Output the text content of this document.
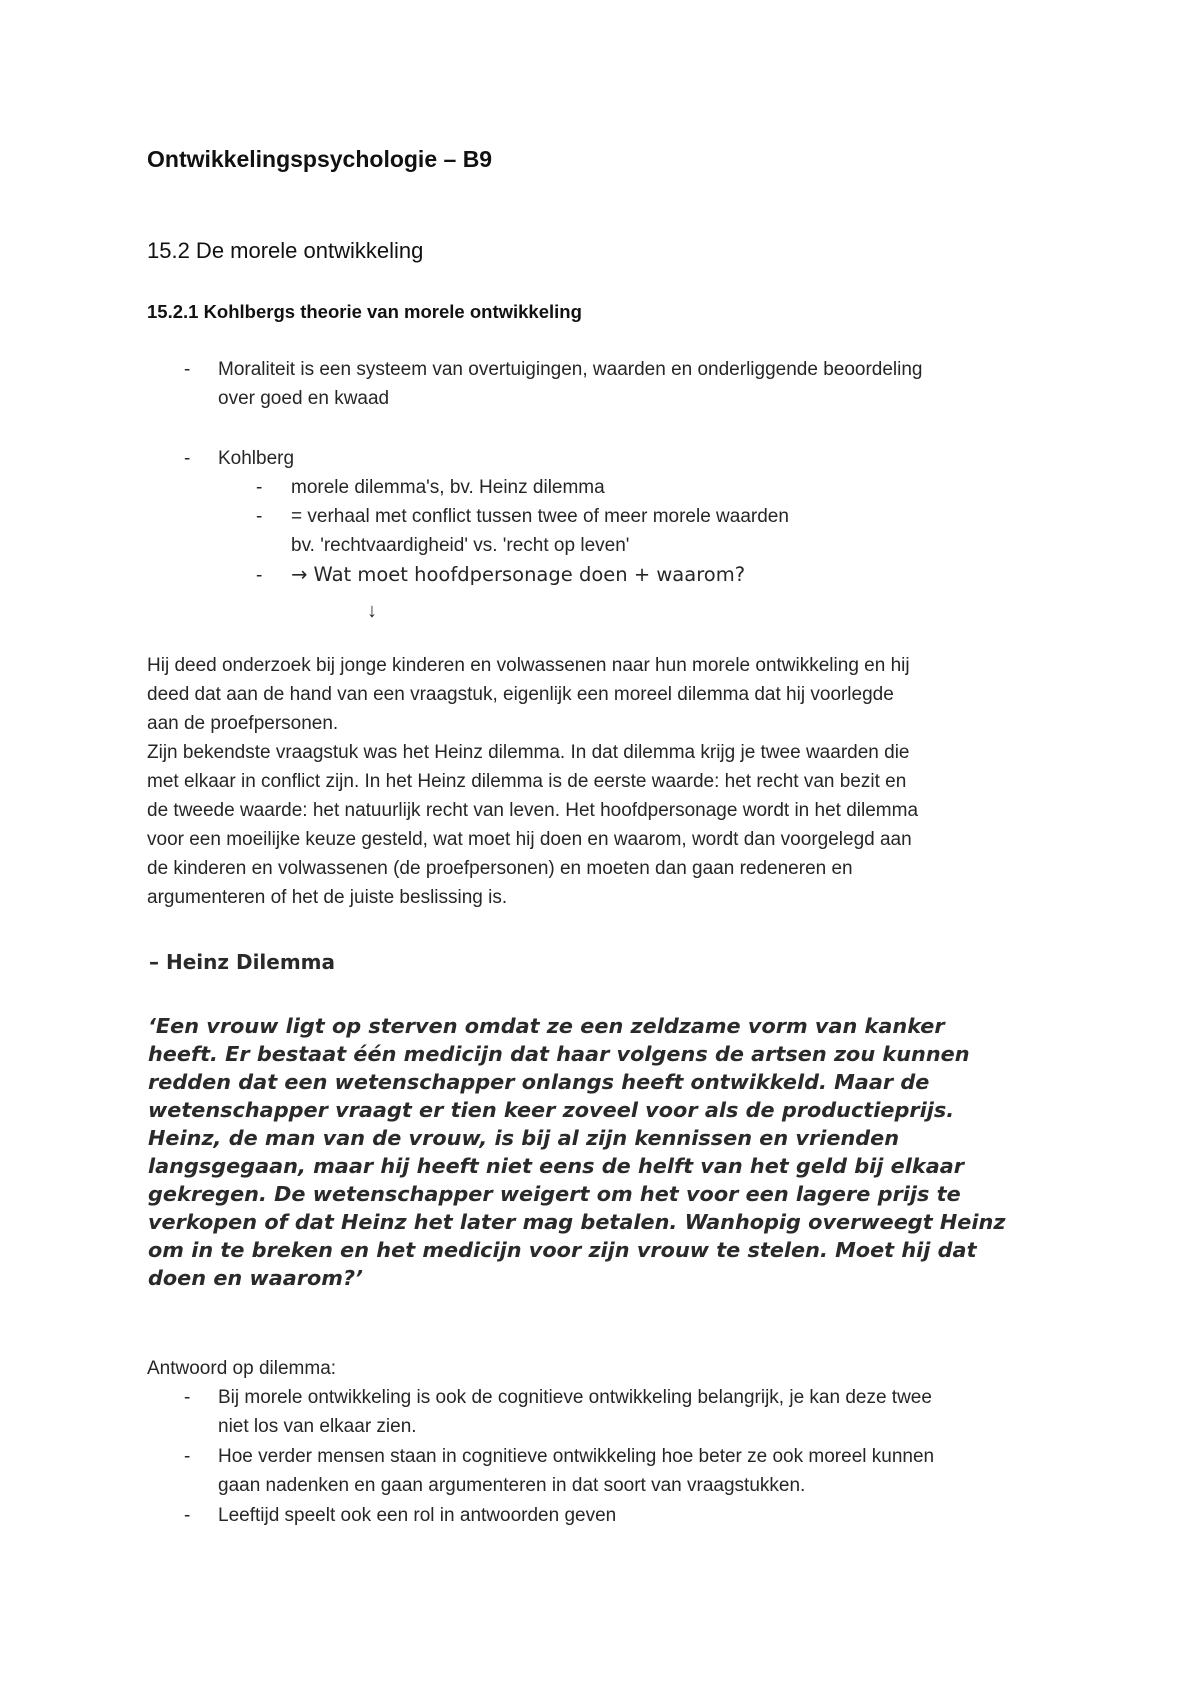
Ontwikkelingspsychologie – B9
15.2 De morele ontwikkeling
15.2.1 Kohlbergs theorie van morele ontwikkeling
- Moraliteit is een systeem van overtuigingen, waarden en onderliggende beoordeling
over goed en kwaad
- Kohlberg
- morele dilemma's, bv. Heinz dilemma
- = verhaal met conflict tussen twee of meer morele waarden
bv. 'rechtvaardigheid' vs. 'recht op leven'
- → Wat moet hoofdpersonage doen + waarom?
↓
Hij deed onderzoek bij jonge kinderen en volwassenen naar hun morele ontwikkeling en hij
deed dat aan de hand van een vraagstuk, eigenlijk een moreel dilemma dat hij voorlegde
aan de proefpersonen.
Zijn bekendste vraagstuk was het Heinz dilemma. In dat dilemma krijg je twee waarden die
met elkaar in conflict zijn. In het Heinz dilemma is de eerste waarde: het recht van bezit en
de tweede waarde: het natuurlijk recht van leven. Het hoofdpersonage wordt in het dilemma
voor een moeilijke keuze gesteld, wat moet hij doen en waarom, wordt dan voorgelegd aan
de kinderen en volwassenen (de proefpersonen) en moeten dan gaan redeneren en
argumenteren of het de juiste beslissing is.
– Heinz Dilemma
‘Een vrouw ligt op sterven omdat ze een zeldzame vorm van kanker
heeft. Er bestaat één medicijn dat haar volgens de artsen zou kunnen
redden dat een wetenschapper onlangs heeft ontwikkeld. Maar de
wetenschapper vraagt er tien keer zoveel voor als de productieprijs.
Heinz, de man van de vrouw, is bij al zijn kennissen en vrienden
langsgegaan, maar hij heeft niet eens de helft van het geld bij elkaar
gekregen. De wetenschapper weigert om het voor een lagere prijs te
verkopen of dat Heinz het later mag betalen. Wanhopig overweegt Heinz
om in te breken en het medicijn voor zijn vrouw te stelen. Moet hij dat
doen en waarom?’
Antwoord op dilemma:
- Bij morele ontwikkeling is ook de cognitieve ontwikkeling belangrijk, je kan deze twee
niet los van elkaar zien.
- Hoe verder mensen staan in cognitieve ontwikkeling hoe beter ze ook moreel kunnen
gaan nadenken en gaan argumenteren in dat soort van vraagstukken.
- Leeftijd speelt ook een rol in antwoorden geven
